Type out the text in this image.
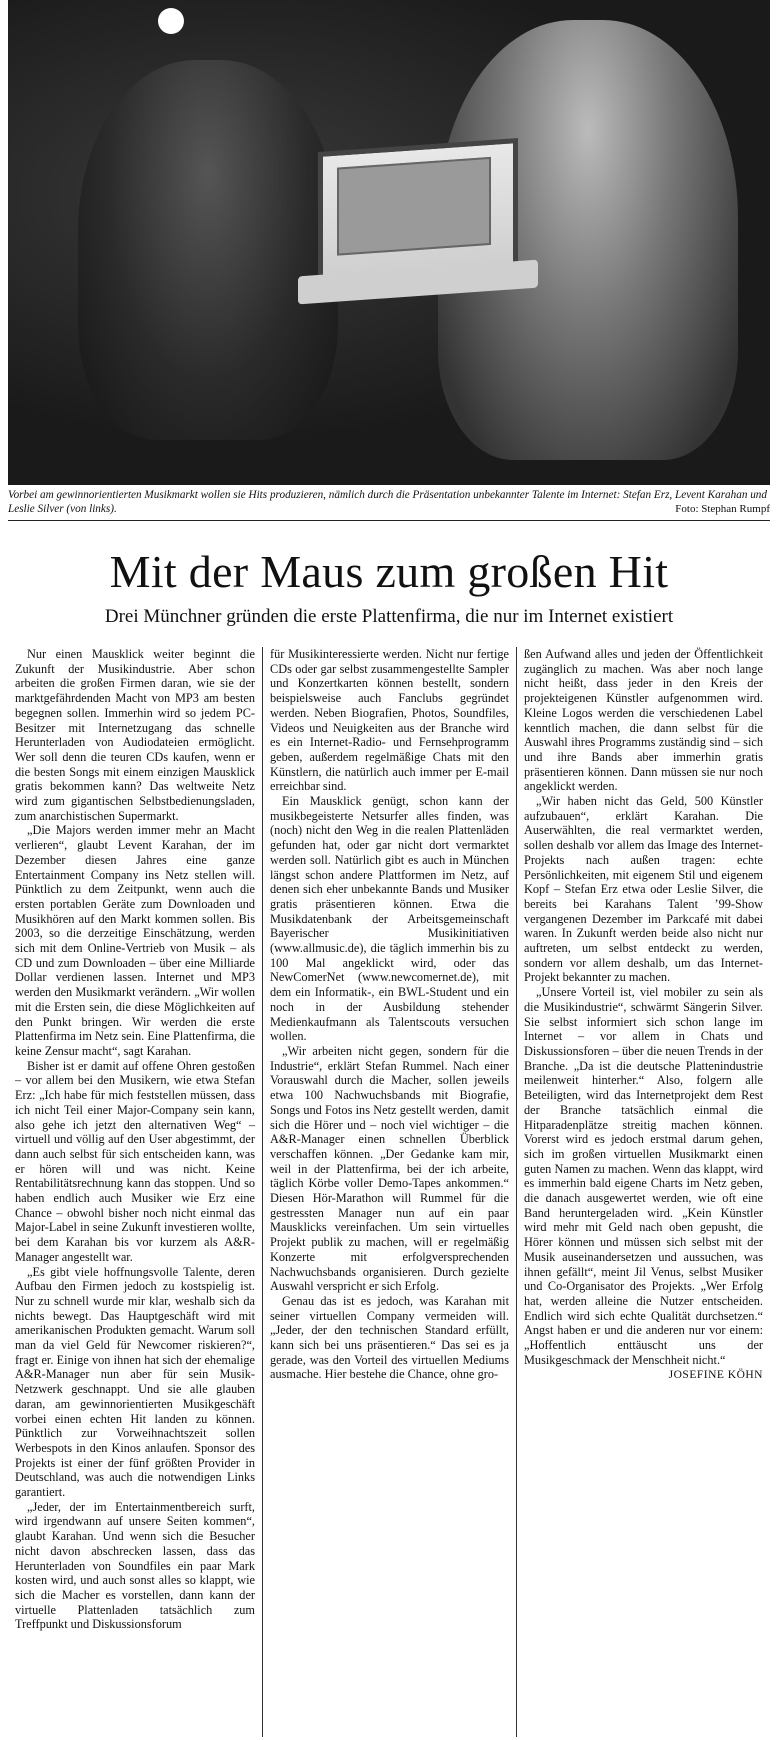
Vorbei am gewinnorientierten Musikmarkt wollen sie Hits produzieren, nämlich durch die Präsentation unbekannter Talente im Internet: Stefan Erz, Levent Karahan und Leslie Silver (von links).	Foto: Stephan Rumpf
Mit der Maus zum großen Hit
Drei Münchner gründen die erste Plattenfirma, die nur im Internet existiert

Nur einen Mausklick weiter beginnt die Zukunft der Musikindustrie. Aber schon arbeiten die großen Firmen daran, wie sie der marktgefährdenden Macht von MP3 am besten begegnen sollen. Immerhin wird so jedem PC-Besitzer mit Internetzugang das schnelle Herunterladen von Audiodateien ermöglicht. Wer soll denn die teuren CDs kaufen, wenn er die besten Songs mit einem einzigen Mausklick gratis bekommen kann? Das weltweite Netz wird zum gigantischen Selbstbedienungsladen, zum anarchistischen Supermarkt.

„Die Majors werden immer mehr an Macht verlieren“, glaubt Levent Karahan, der im Dezember diesen Jahres eine ganze Entertainment Company ins Netz stellen will. Pünktlich zu dem Zeitpunkt, wenn auch die ersten portablen Geräte zum Downloaden und Musikhören auf den Markt kommen sollen. Bis 2003, so die derzeitige Einschätzung, werden sich mit dem Online-Vertrieb von Musik – als CD und zum Downloaden – über eine Milliarde Dollar verdienen lassen. Internet und MP3 werden den Musikmarkt verändern. „Wir wollen mit die Ersten sein, die diese Möglichkeiten auf den Punkt bringen. Wir werden die erste Plattenfirma im Netz sein. Eine Plattenfirma, die keine Zensur macht“, sagt Karahan.

Bisher ist er damit auf offene Ohren gestoßen – vor allem bei den Musikern, wie etwa Stefan Erz: „Ich habe für mich feststellen müssen, dass ich nicht Teil einer Major-Company sein kann, also gehe ich jetzt den alternativen Weg“ – virtuell und völlig auf den User abgestimmt, der dann auch selbst für sich entscheiden kann, was er hören will und was nicht. Keine Rentabilitätsrechnung kann das stoppen. Und so haben endlich auch Musiker wie Erz eine Chance – obwohl bisher noch nicht einmal das Major-Label in seine Zukunft investieren wollte, bei dem Karahan bis vor kurzem als A&R-Manager angestellt war.

„Es gibt viele hoffnungsvolle Talente, deren Aufbau den Firmen jedoch zu kostspielig ist. Nur zu schnell wurde mir klar, weshalb sich da nichts bewegt. Das Hauptgeschäft wird mit amerikanischen Produkten gemacht. Warum soll man da viel Geld für Newcomer riskieren?“, fragt er. Einige von ihnen hat sich der ehemalige A&R-Manager nun aber für sein Musik-Netzwerk geschnappt. Und sie alle glauben daran, am gewinnorientierten Musikgeschäft vorbei einen echten Hit landen zu können. Pünktlich zur Vorweihnachtszeit sollen Werbespots in den Kinos anlaufen. Sponsor des Projekts ist einer der fünf größten Provider in Deutschland, was auch die notwendigen Links garantiert.

„Jeder, der im Entertainmentbereich surft, wird irgendwann auf unsere Seiten kommen“, glaubt Karahan. Und wenn sich die Besucher nicht davon abschrecken lassen, dass das Herunterladen von Soundfiles ein paar Mark kosten wird, und auch sonst alles so klappt, wie sich die Macher es vorstellen, dann kann der virtuelle Plattenladen tatsächlich zum Treffpunkt und Diskussionsforum

für Musikinteressierte werden. Nicht nur fertige CDs oder gar selbst zusammengestellte Sampler und Konzertkarten können bestellt, sondern beispielsweise auch Fanclubs gegründet werden. Neben Biografien, Photos, Soundfiles, Videos und Neuigkeiten aus der Branche wird es ein Internet-Radio- und Fernsehprogramm geben, außerdem regelmäßige Chats mit den Künstlern, die natürlich auch immer per E-mail erreichbar sind.

Ein Mausklick genügt, schon kann der musikbegeisterte Netsurfer alles finden, was (noch) nicht den Weg in die realen Plattenläden gefunden hat, oder gar nicht dort vermarktet werden soll. Natürlich gibt es auch in München längst schon andere Plattformen im Netz, auf denen sich eher unbekannte Bands und Musiker gratis präsentieren können. Etwa die Musikdatenbank der Arbeitsgemeinschaft Bayerischer Musikinitiativen (www.allmusic.de), die täglich immerhin bis zu 100 Mal angeklickt wird, oder das NewComerNet (www.newcomernet.de), mit dem ein Informatik-, ein BWL-Student und ein noch in der Ausbildung stehender Medienkaufmann als Talentscouts versuchen wollen.

„Wir arbeiten nicht gegen, sondern für die Industrie“, erklärt Stefan Rummel. Nach einer Vorauswahl durch die Macher, sollen jeweils etwa 100 Nachwuchsbands mit Biografie, Songs und Fotos ins Netz gestellt werden, damit sich die Hörer und – noch viel wichtiger – die A&R-Manager einen schnellen Überblick verschaffen können. „Der Gedanke kam mir, weil in der Plattenfirma, bei der ich arbeite, täglich Körbe voller Demo-Tapes ankommen.“ Diesen Hör-Marathon will Rummel für die gestressten Manager nun auf ein paar Mausklicks vereinfachen. Um sein virtuelles Projekt publik zu machen, will er regelmäßig Konzerte mit erfolgversprechenden Nachwuchsbands organisieren. Durch gezielte Auswahl verspricht er sich Erfolg.

Genau das ist es jedoch, was Karahan mit seiner virtuellen Company vermeiden will. „Jeder, der den technischen Standard erfüllt, kann sich bei uns präsentieren.“ Das sei es ja gerade, was den Vorteil des virtuellen Mediums ausmache. Hier bestehe die Chance, ohne gro-

ßen Aufwand alles und jeden der Öffentlichkeit zugänglich zu machen. Was aber noch lange nicht heißt, dass jeder in den Kreis der projekteigenen Künstler aufgenommen wird. Kleine Logos werden die verschiedenen Label kenntlich machen, die dann selbst für die Auswahl ihres Programms zuständig sind – sich und ihre Bands aber immerhin gratis präsentieren können. Dann müssen sie nur noch angeklickt werden.

„Wir haben nicht das Geld, 500 Künstler aufzubauen“, erklärt Karahan. Die Auserwählten, die real vermarktet werden, sollen deshalb vor allem das Image des Internet-Projekts nach außen tragen: echte Persönlichkeiten, mit eigenem Stil und eigenem Kopf – Stefan Erz etwa oder Leslie Silver, die bereits bei Karahans Talent ’99-Show vergangenen Dezember im Parkcafé mit dabei waren. In Zukunft werden beide also nicht nur auftreten, um selbst entdeckt zu werden, sondern vor allem deshalb, um das Internet-Projekt bekannter zu machen.

„Unsere Vorteil ist, viel mobiler zu sein als die Musikindustrie“, schwärmt Sängerin Silver. Sie selbst informiert sich schon lange im Internet – vor allem in Chats und Diskussionsforen – über die neuen Trends in der Branche. „Da ist die deutsche Plattenindustrie meilenweit hinterher.“ Also, folgern alle Beteiligten, wird das Internetprojekt dem Rest der Branche tatsächlich einmal die Hitparadenplätze streitig machen können. Vorerst wird es jedoch erstmal darum gehen, sich im großen virtuellen Musikmarkt einen guten Namen zu machen. Wenn das klappt, wird es immerhin bald eigene Charts im Netz geben, die danach ausgewertet werden, wie oft eine Band heruntergeladen wird. „Kein Künstler wird mehr mit Geld nach oben gepusht, die Hörer können und müssen sich selbst mit der Musik auseinandersetzen und aussuchen, was ihnen gefällt“, meint Jil Venus, selbst Musiker und Co-Organisator des Projekts. „Wer Erfolg hat, werden alleine die Nutzer entscheiden. Endlich wird sich echte Qualität durchsetzen.“ Angst haben er und die anderen nur vor einem: „Hoffentlich enttäuscht uns der Musikgeschmack der Menschheit nicht.“

JOSEFINE KÖHN
